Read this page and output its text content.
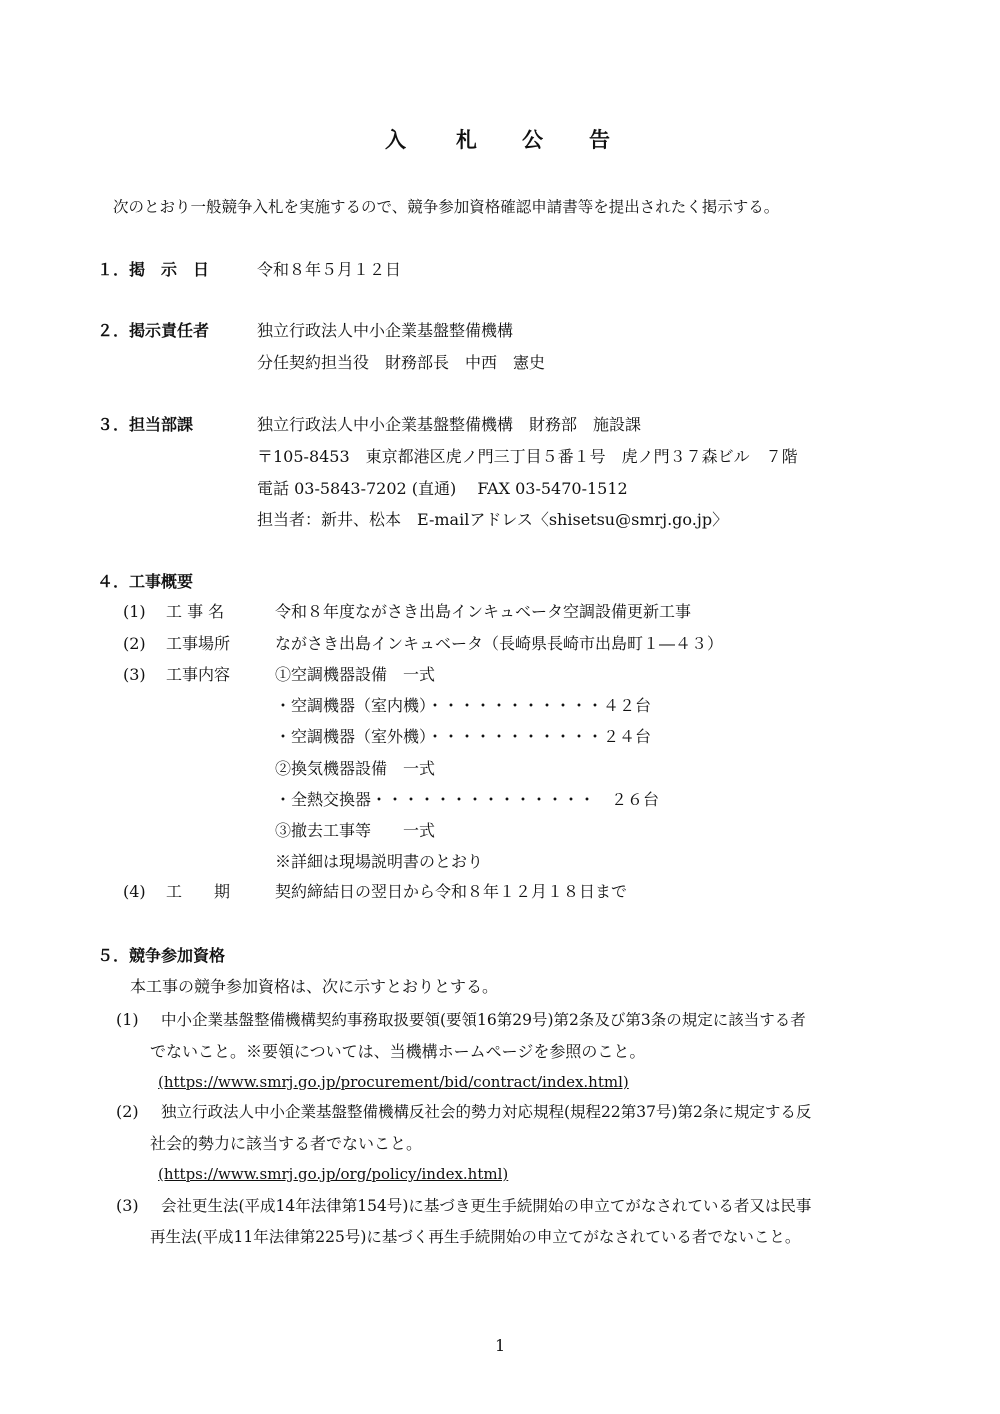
入 札 公 告
次のとおり一般競争入札を実施するので、競争参加資格確認申請書等を提出されたく掲示する。
１．掲　示　日	令和８年５月１２日
２．掲示責任者	独立行政法人中小企業基盤整備機構
分任契約担当役　財務部長　中西　憲史
３．担当部課	独立行政法人中小企業基盤整備機構　財務部　施設課
〒105-8453　東京都港区虎ノ門三丁目５番１号　虎ノ門３７森ビル　７階
電話 03-5843-7202 (直通)　 FAX 03-5470-1512
担当者：新井、松本　E-mailアドレス〈shisetsu@smrj.go.jp〉
４．工事概要
(1) 工 事 名	令和８年度ながさき出島インキュベータ空調設備更新工事
(2) 工事場所	ながさき出島インキュベータ（長崎県長崎市出島町１―４３）
(3) 工事内容	①空調機器設備　一式
・空調機器（室内機）・・・・・・・・・・・４２台
・空調機器（室外機）・・・・・・・・・・・２４台
②換気機器設備　一式
・全熱交換器・・・・・・・・・・・・・・　２６台
③撤去工事等　　一式
※詳細は現場説明書のとおり
(4) 工　　期	契約締結日の翌日から令和８年１２月１８日まで
５．競争参加資格
本工事の競争参加資格は、次に示すとおりとする。
(1) 中小企業基盤整備機構契約事務取扱要領(要領16第29号)第2条及び第3条の規定に該当する者
でないこと。※要領については、当機構ホームページを参照のこと。
(https://www.smrj.go.jp/procurement/bid/contract/index.html)
(2) 独立行政法人中小企業基盤整備機構反社会的勢力対応規程(規程22第37号)第2条に規定する反
社会的勢力に該当する者でないこと。
(https://www.smrj.go.jp/org/policy/index.html)
(3) 会社更生法(平成14年法律第154号)に基づき更生手続開始の申立てがなされている者又は民事
再生法(平成11年法律第225号)に基づく再生手続開始の申立てがなされている者でないこと。
1
